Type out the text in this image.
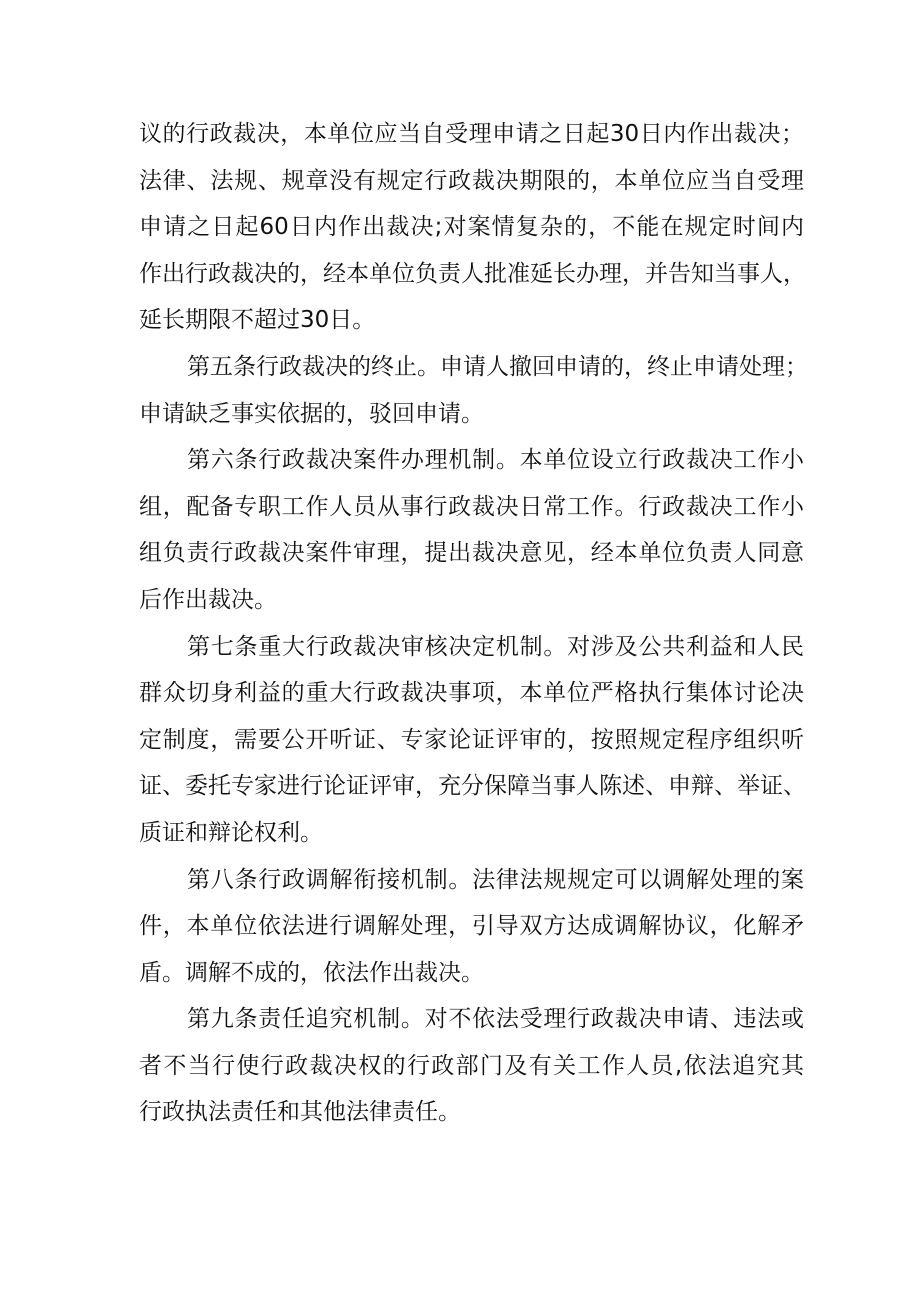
议的行政裁决，本单位应当自受理申请之日起30日内作出裁决；
法律、法规、规章没有规定行政裁决期限的，本单位应当自受理
申请之日起60日内作出裁决;对案情复杂的，不能在规定时间内
作出行政裁决的，经本单位负责人批准延长办理，并告知当事人，
延长期限不超过30日。
第五条行政裁决的终止。申请人撤回申请的，终止申请处理；
申请缺乏事实依据的，驳回申请。
第六条行政裁决案件办理机制。本单位设立行政裁决工作小
组，配备专职工作人员从事行政裁决日常工作。行政裁决工作小
组负责行政裁决案件审理，提出裁决意见，经本单位负责人同意
后作出裁决。
第七条重大行政裁决审核决定机制。对涉及公共利益和人民
群众切身利益的重大行政裁决事项，本单位严格执行集体讨论决
定制度，需要公开听证、专家论证评审的，按照规定程序组织听
证、委托专家进行论证评审，充分保障当事人陈述、申辩、举证、
质证和辩论权利。
第八条行政调解衔接机制。法律法规规定可以调解处理的案
件，本单位依法进行调解处理，引导双方达成调解协议，化解矛
盾。调解不成的，依法作出裁决。
第九条责任追究机制。对不依法受理行政裁决申请、违法或
者不当行使行政裁决权的行政部门及有关工作人员,依法追究其
行政执法责任和其他法律责任。
